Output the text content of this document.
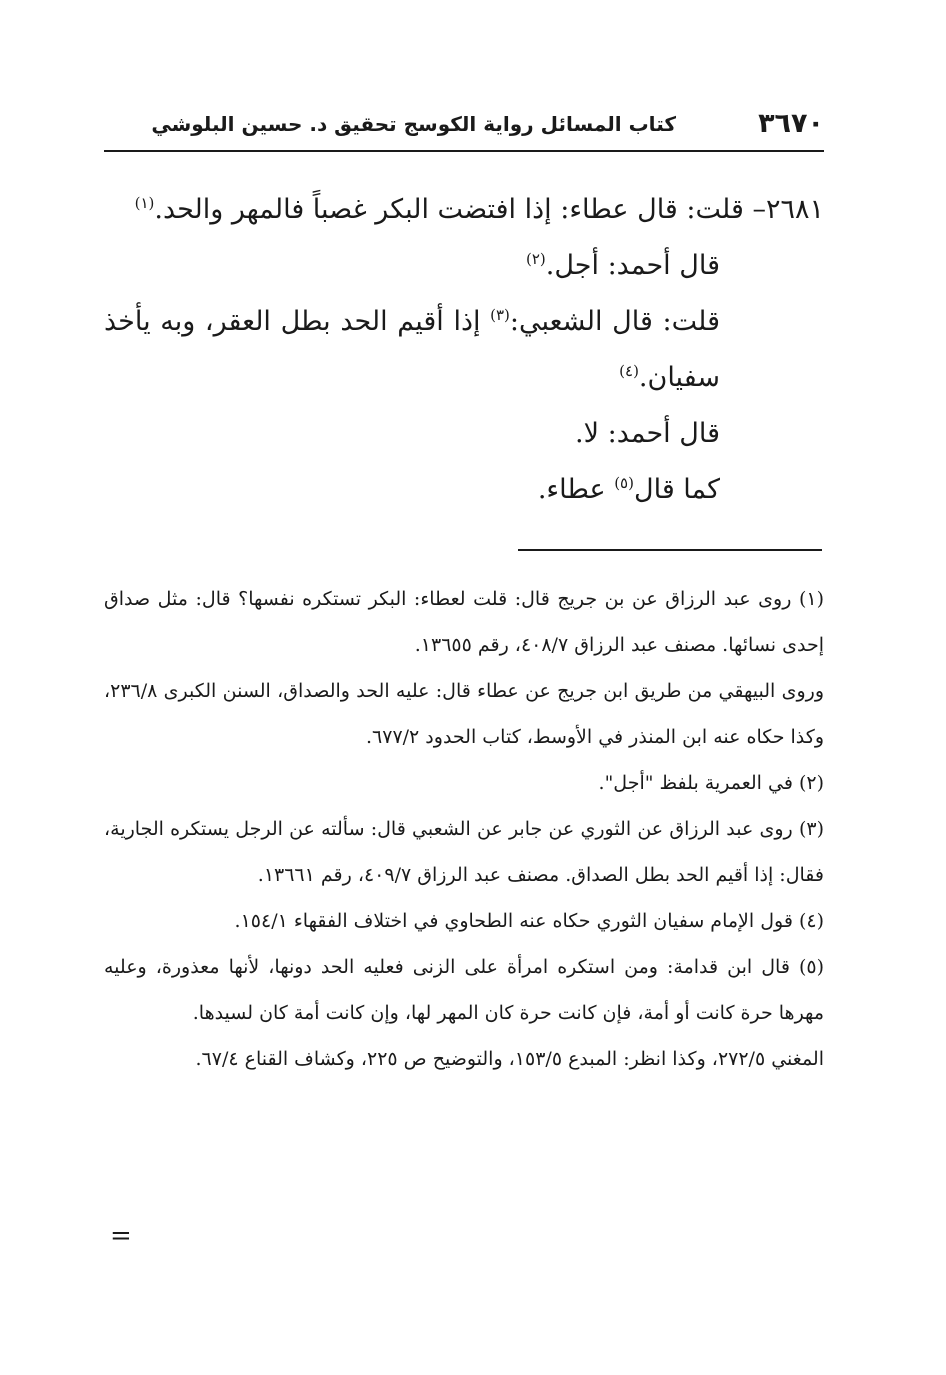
٣٦٧٠
كتاب المسائل رواية الكوسج تحقيق د. حسين البلوشي

٢٦٨١– قلت: قال عطاء: إذا افتضت البكر غصباً فالمهر والحد.$^{(١)}$

قال أحمد: أجل.$^{(٢)}$

قلت: قال الشعبي:$^{(٣)}$ إذا أقيم الحد بطل العقر، وبه يأخذ سفيان.$^{(٤)}$

قال أحمد: لا.

كما قال$^{(٥)}$ عطاء.

(١) روى عبد الرزاق عن بن جريج قال: قلت لعطاء: البكر تستكره نفسها؟ قال: مثل صداق إحدى نسائها. مصنف عبد الرزاق ٤٠٨/٧، رقم ١٣٦٥٥.

وروى البيهقي من طريق ابن جريج عن عطاء قال: عليه الحد والصداق، السنن الكبرى ٢٣٦/٨، وكذا حكاه عنه ابن المنذر في الأوسط، كتاب الحدود ٦٧٧/٢.

(٢) في العمرية بلفظ "أجل".

(٣) روى عبد الرزاق عن الثوري عن جابر عن الشعبي قال: سألته عن الرجل يستكره الجارية، فقال: إذا أقيم الحد بطل الصداق. مصنف عبد الرزاق ٤٠٩/٧، رقم ١٣٦٦١.

(٤) قول الإمام سفيان الثوري حكاه عنه الطحاوي في اختلاف الفقهاء ١٥٤/١.

(٥) قال ابن قدامة: ومن استكره امرأة على الزنى فعليه الحد دونها، لأنها معذورة، وعليه مهرها حرة كانت أو أمة، فإن كانت حرة كان المهر لها، وإن كانت أمة كان لسيدها.

المغني ٢٧٢/٥، وكذا انظر: المبدع ١٥٣/٥، والتوضيح ص ٢٢٥، وكشاف القناع ٦٧/٤.

=
